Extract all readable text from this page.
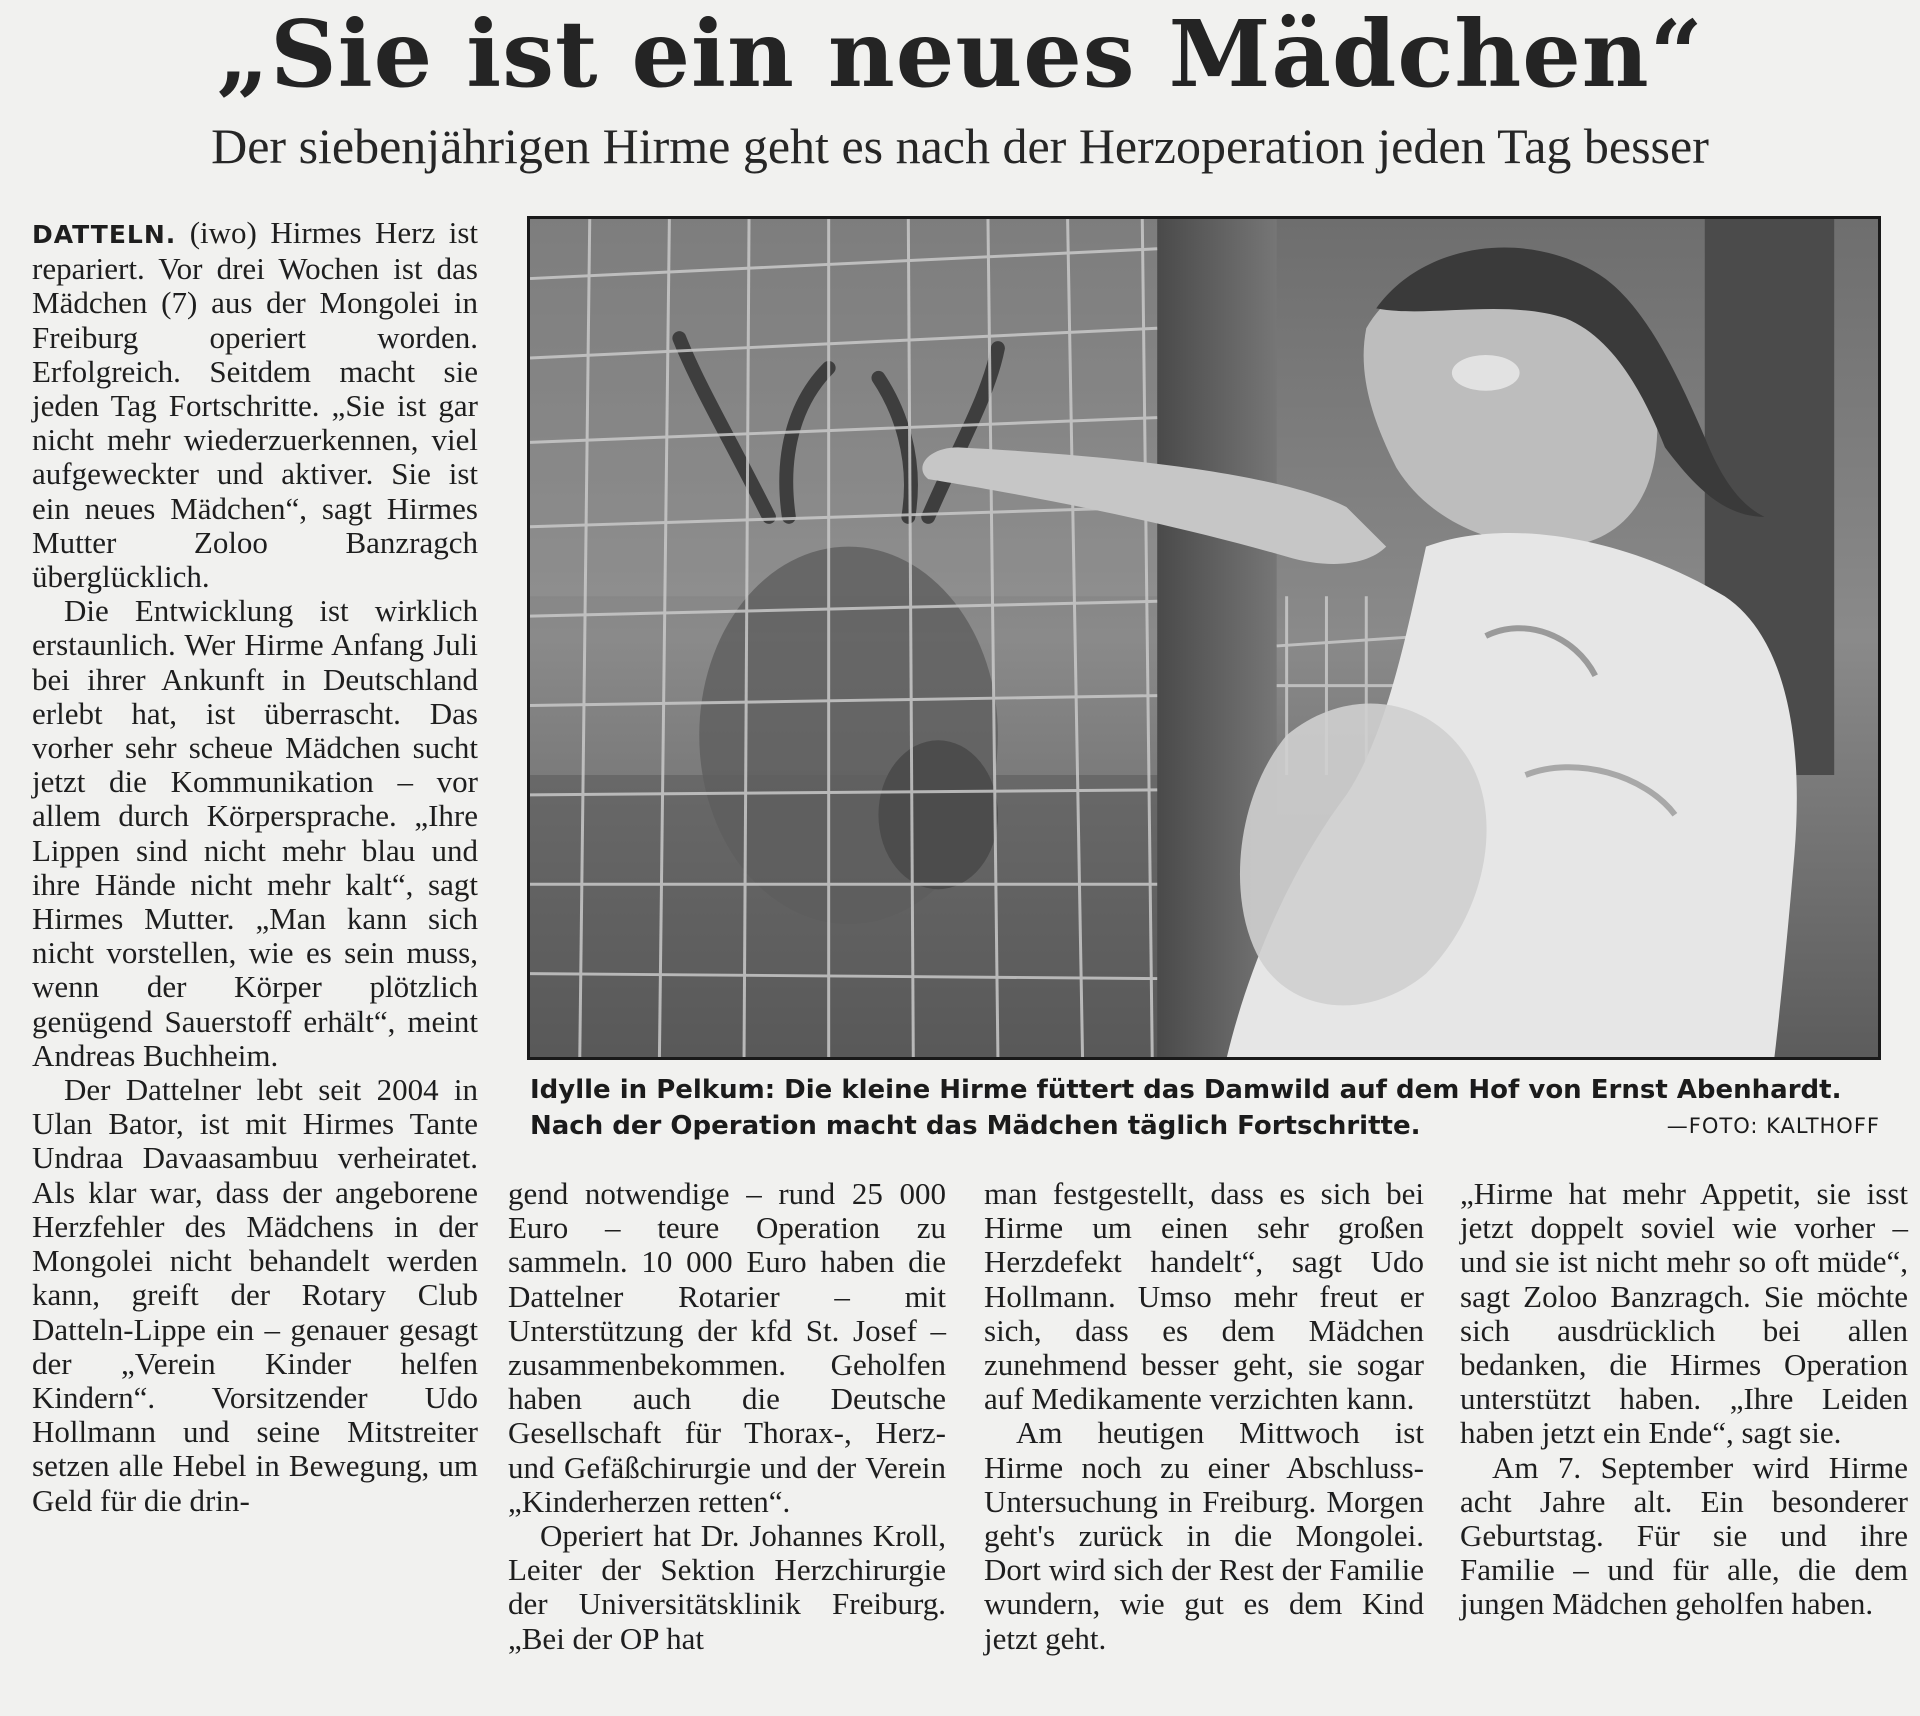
„Sie ist ein neues Mädchen“
Der siebenjährigen Hirme geht es nach der Herzoperation jeden Tag besser

DATTELN. (iwo) Hirmes Herz ist repariert. Vor drei Wochen ist das Mädchen (7) aus der Mongolei in Freiburg operiert worden. Erfolgreich. Seitdem macht sie jeden Tag Fortschritte. „Sie ist gar nicht mehr wiederzuerkennen, viel aufgeweckter und aktiver. Sie ist ein neues Mädchen“, sagt Hirmes Mutter Zoloo Banzragch überglücklich.

Die Entwicklung ist wirklich erstaunlich. Wer Hirme Anfang Juli bei ihrer Ankunft in Deutschland erlebt hat, ist überrascht. Das vorher sehr scheue Mädchen sucht jetzt die Kommunikation – vor allem durch Körpersprache. „Ihre Lippen sind nicht mehr blau und ihre Hände nicht mehr kalt“, sagt Hirmes Mutter. „Man kann sich nicht vorstellen, wie es sein muss, wenn der Körper plötzlich genügend Sauerstoff erhält“, meint Andreas Buchheim.

Der Dattelner lebt seit 2004 in Ulan Bator, ist mit Hirmes Tante Undraa Davaasambuu verheiratet. Als klar war, dass der angeborene Herzfehler des Mädchens in der Mongolei nicht behandelt werden kann, greift der Rotary Club Datteln-Lippe ein – genauer gesagt der „Verein Kinder helfen Kindern“. Vorsitzender Udo Hollmann und seine Mitstreiter setzen alle Hebel in Bewegung, um Geld für die drin-

Idylle in Pelkum: Die kleine Hirme füttert das Damwild auf dem Hof von Ernst Abenhardt.
Nach der Operation macht das Mädchen täglich Fortschritte.	—FOTO: KALTHOFF

gend notwendige – rund 25 000 Euro – teure Operation zu sammeln. 10 000 Euro haben die Dattelner Rotarier – mit Unterstützung der kfd St. Josef – zusammenbekommen. Geholfen haben auch die Deutsche Gesellschaft für Thorax-, Herz- und Gefäßchirurgie und der Verein „Kinderherzen retten“.

Operiert hat Dr. Johannes Kroll, Leiter der Sektion Herzchirurgie der Universitätsklinik Freiburg. „Bei der OP hat

man festgestellt, dass es sich bei Hirme um einen sehr großen Herzdefekt handelt“, sagt Udo Hollmann. Umso mehr freut er sich, dass es dem Mädchen zunehmend besser geht, sie sogar auf Medikamente verzichten kann.

Am heutigen Mittwoch ist Hirme noch zu einer Abschluss-Untersuchung in Freiburg. Morgen geht's zurück in die Mongolei. Dort wird sich der Rest der Familie wundern, wie gut es dem Kind jetzt geht.

„Hirme hat mehr Appetit, sie isst jetzt doppelt soviel wie vorher – und sie ist nicht mehr so oft müde“, sagt Zoloo Banzragch. Sie möchte sich ausdrücklich bei allen bedanken, die Hirmes Operation unterstützt haben. „Ihre Leiden haben jetzt ein Ende“, sagt sie.

Am 7. September wird Hirme acht Jahre alt. Ein besonderer Geburtstag. Für sie und ihre Familie – und für alle, die dem jungen Mädchen geholfen haben.
